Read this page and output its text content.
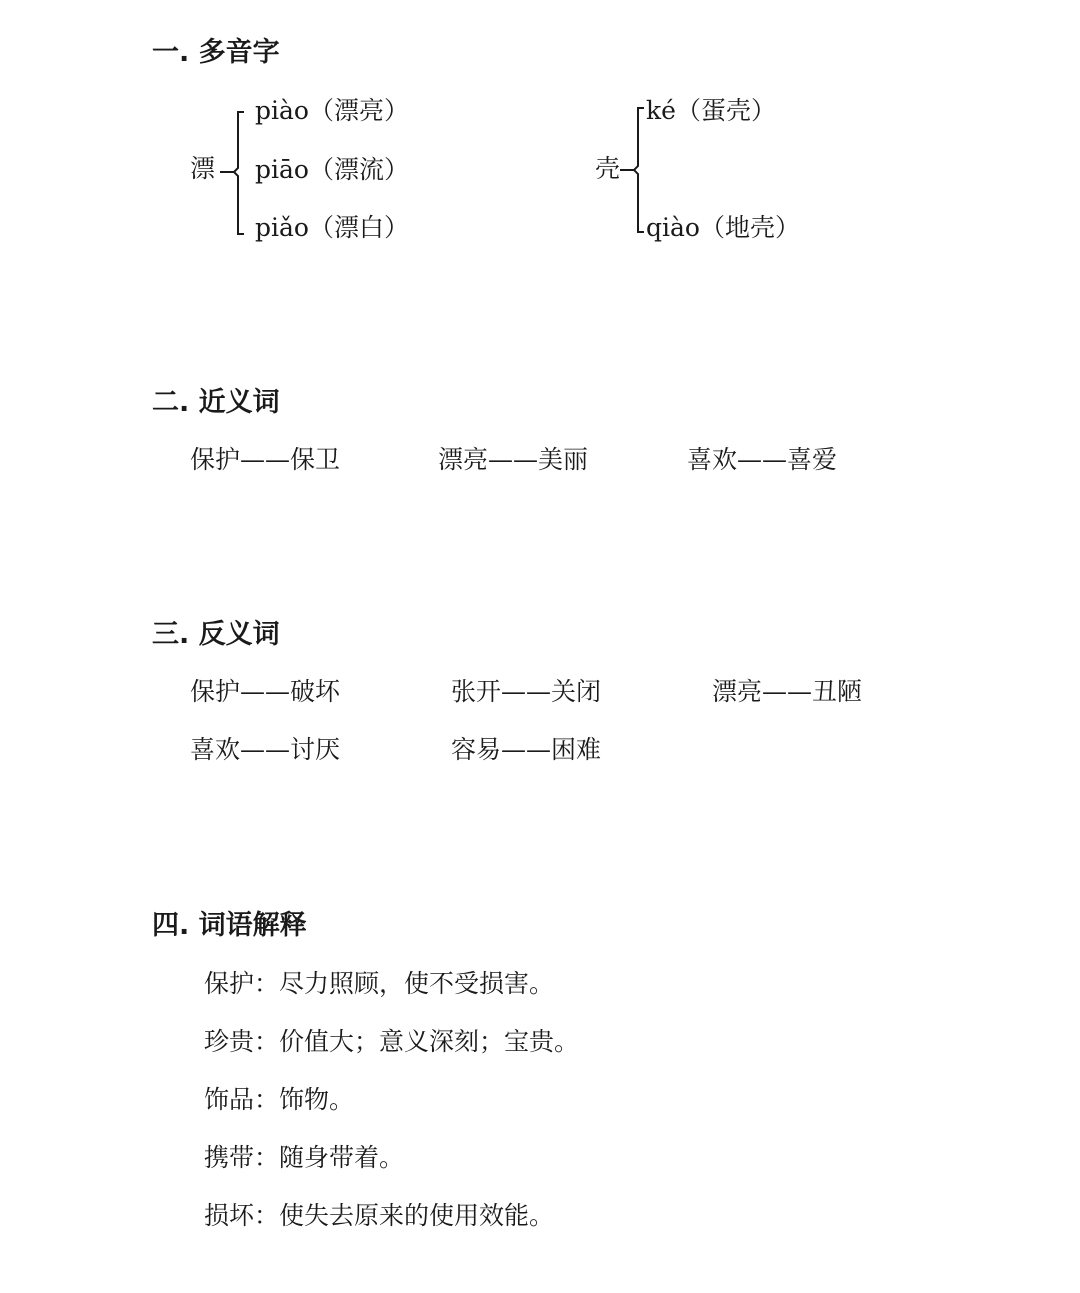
一. 多音字
漂
piào（漂亮）
piāo（漂流）
piǎo（漂白）
壳
ké（蛋壳）
qiào（地壳）
二. 近义词
保护——保卫	漂亮——美丽	喜欢——喜爱
三. 反义词
保护——破坏	张开——关闭	漂亮——丑陋
喜欢——讨厌	容易——困难
四. 词语解释
保护：尽力照顾，使不受损害。
珍贵：价值大；意义深刻；宝贵。
饰品：饰物。
携带：随身带着。
损坏：使失去原来的使用效能。
